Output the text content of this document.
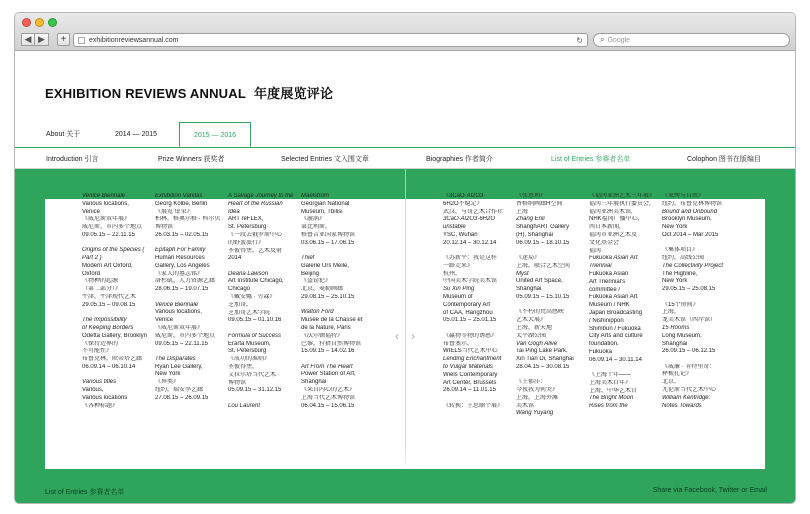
◀ ▶	+	exhibitionreviewsannual.com	↻ ⌕ Google
EXHIBITION REVIEWS ANNUAL 年度展览评论
About 关于	2014 — 2015	2015 — 2016
Introduction 引言	Prize Winners 获奖者	Selected Entries 文入围文章	Biographies 作者简介	List of Entries 参赛者名单	Colophon 图书在版编目
‹ ›
Venice Biennale
Various locations,
Venice
《威尼斯双年展》
威尼斯，市内多个地点
09.05.15 – 22.11.15
Origins of the Species (
Part 2 )
Modern Art Oxford,
Oxford
《物种的起源
（第二部分）》
牛津，牛津现代艺术
29.05.15 – 09.08.15
The Impossibility
of Keeping Borders
Odetta Gallery, Brooklyn
《保持边界的
不可能性》
布鲁克林，欧蒂塔艺廊
06.09.14 – 06.10.14
Various titles
Various,
Various locations
《各种标题》
Exhibition Vanitas
Georg Kolbe, Berlin
《展览 虚荣》
柏林，格奥尔格 · 科尔贝
博物馆
26.03.15 – 02.05.15
Epitaph For Family
Human Resources
Gallery, Los Angeles
《家人的墓志铭》
洛杉矶，人力资源艺廊
28.06.15 – 19.07.15
Venice Biennale
Various locations,
Venice
《威尼斯双年展》
威尼斯，市内多个地点
09.05.15 – 22.11.15
The Disparates
Ryan Lee Gallery,
New York
《异类》
纽约，瑞安李艺廊
27.08.15 – 26.09.15
A Savage Journey to the
Heart of the Russian
Idea
ART reFLEX,
St. Petersburg
《一段去俄罗斯中心
的野蛮旅行》
圣彼得堡，艺术反射
2014
Deana Lawson
Art Institute Chicago,
Chicago
《戴安娜 · 劳森》
芝加哥，
芝加哥艺术学院
09.05.15 – 01.10.16
Formula of Success
Erarta Museum,
St. Petersburg
《成功的准则》
圣彼得堡，
艾拉尔塔当代艺术
博物馆
05.09.15 – 31.12.15
Lou Laurent
Maelstrom
Georgian National
Museum, Tbilisi
《漩涡》
第比利斯，
格鲁吉亚国家博物馆
03.06.15 – 17.06.15
Thief
Galerie Urs Meile,
Beijing
《盗窃犯》
北京，麦勒画廊
29.08.15 – 25.10.15
Walton Ford
Musée de la Chasse et
de la Nature, Paris
《沃尔顿福特》
巴黎，狩猎自然博物馆
15.09.15 – 14.02.16
Art From The Heart
Power Station of Art,
Shanghai
《来自内心的艺术》
上海当代艺术博物馆
06.04.15 – 15.06.15
《3CaO·Al2O3·
6H2O不稳定》
武汉，与哥艺术合作社
3CaO·Al2O3·6H2O
unstable
YSC, Wuhan
20.12.14 – 30.12.14
《苏新平：我是这样
一路走来》
杭州，
中国美术学院美术馆
Su Xin Ping
Museum of
Contemporary Art
of CAA, Hangzhou
05.01.15 – 25.01.15
《赢物等物的诱惑》
布鲁塞尔，
WIELS当代艺术中心
Lending Enchantment
to Vulgar Materials
Wiels Contemporary
Art Center, Brussels
26.09.14 – 11.01.15
《转换：王思顺个展》
《张恩利》
香格纳画廊H空间
上海
Zhang Enli
ShanghART Gallery
(H), Shanghai
06.09.15 – 18.10.15
《迷局》
上海，联合艺术空间
Myst
United Art Space,
Shanghai
05.09.15 – 15.10.15
《不朽的梵高感映
艺术大展》
上海，新天地
太平湖公园
Van Gogh Alive
Tai Ping Lake Park,
Xin Tian Di, Shanghai
28.04.15 – 30.08.15
《王郁洋：
今夜我为何哭》
上海，上海外滩
美术馆
Wang Yuyang
《福冈亚洲艺术三年展》
福冈三年展执行委员会,
福冈亚洲美术馆,
NHK福冈广播中心,
西日本新闻,
福冈市亚洲艺术及
文化基金会
福冈
Fukuoka Asian Art
Triennial
Fukuoka Asian
Art Triennial's
committee /
Fukuoka Asian Art
Museum / NHK
Japan Broadcasting
/ Nishinippon
Shimbun / Fukuoka
City Arts and culture
foundation,
Fukuoka
06.09.14 – 30.11.14
《上海十年——
上海美术百年》
上海，中华艺术宫
The Bright Moon
Rises from the
《束缚与自由》
纽约，布鲁克林博物馆
Bound and Unbound
Brooklyn Museum,
New York
Oct 2014 – Mar 2015
《集体项目》
纽约，高线公园
The Collectivity Project
The Highline,
New York
29.05.15 – 25.08.15
《15个房间》
上海，
龙美术馆（西岸馆）
15 Rooms
Long Museum,
Shanghai
26.09.15 – 06.12.15
《威廉 · 肯特里奇：
释梳孔记》
北京，
尤伦斯当代艺术中心
William Kentridge:
Notes Towards
List of Entries 参赛者名单	Share via Facebook, Twitter or Email
